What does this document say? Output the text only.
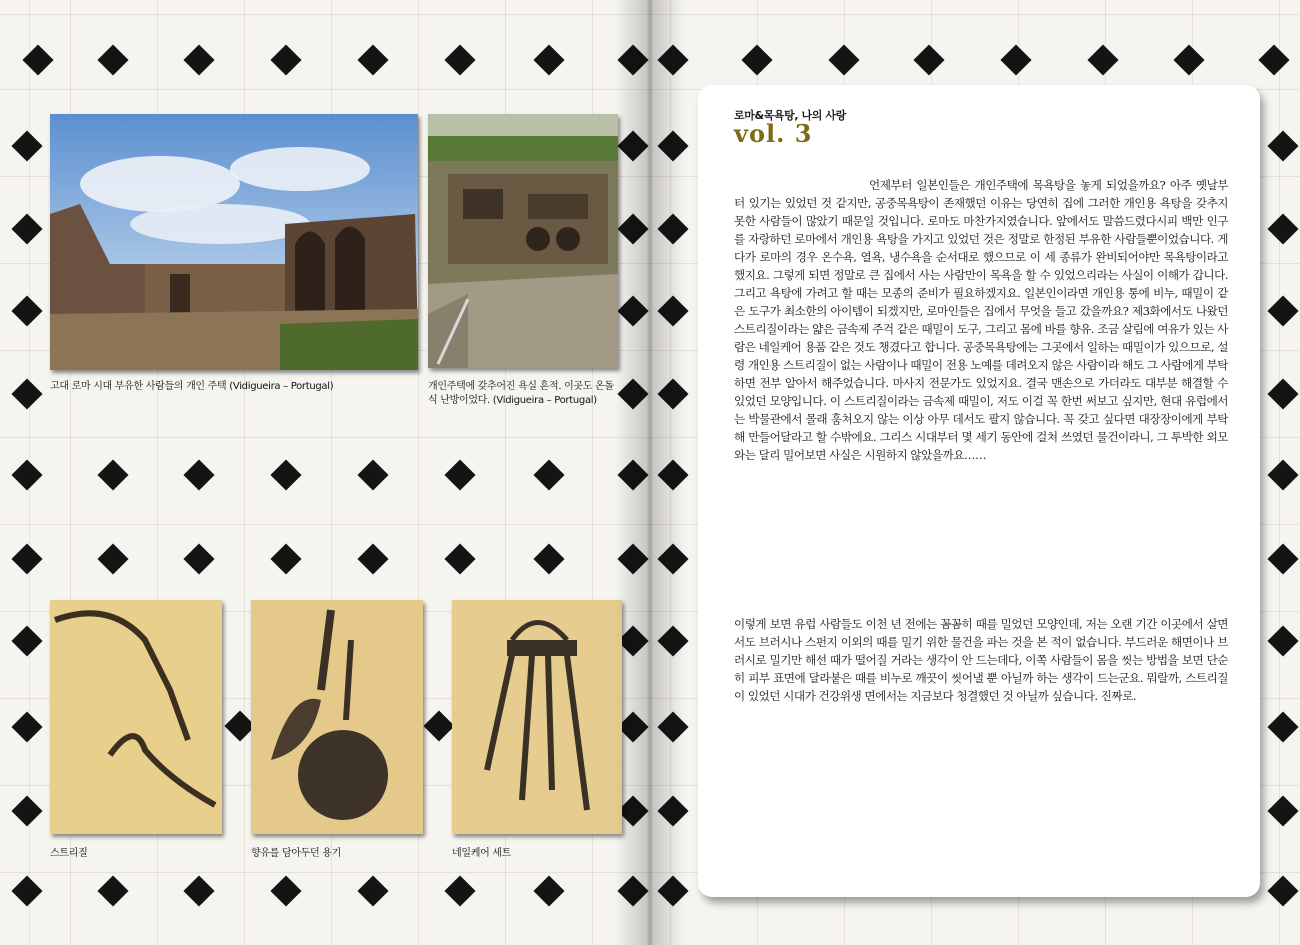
고대 로마 시대 부유한 사람들의 개인 주택 (Vidigueira – Portugal)	개인주택에 갖추어진 욕실 흔적. 이곳도 온돌식 난방이었다. (Vidigueira – Portugal)
스트리질	향유를 담아두던 용기	네일케어 세트
로마&목욕탕, 나의 사랑
vol. 3

언제부터 일본인들은 개인주택에 목욕탕을 놓게 되었을까요? 아주 옛날부터 있기는 있었던 것 같지만, 공중목욕탕이 존재했던 이유는 당연히 집에 그러한 개인용 욕탕을 갖추지 못한 사람들이 많았기 때문일 것입니다. 로마도 마찬가지였습니다. 앞에서도 말씀드렸다시피 백만 인구를 자랑하던 로마에서 개인용 욕탕을 가지고 있었던 것은 정말로 한정된 부유한 사람들뿐이었습니다. 게다가 로마의 경우 온수욕, 열욕, 냉수욕을 순서대로 했으므로 이 세 종류가 완비되어야만 목욕탕이라고 했지요. 그렇게 되면 정말로 큰 집에서 사는 사람만이 목욕을 할 수 있었으리라는 사실이 이해가 갑니다. 그리고 욕탕에 가려고 할 때는 모종의 준비가 필요하겠지요. 일본인이라면 개인용 통에 비누, 때밀이 같은 도구가 최소한의 아이템이 되겠지만, 로마인들은 집에서 무엇을 들고 갔을까요? 제3화에서도 나왔던 스트리질이라는 얇은 금속제 주걱 같은 때밀이 도구, 그리고 몸에 바를 향유. 조금 살림에 여유가 있는 사람은 네일케어 용품 같은 것도 챙겼다고 합니다. 공중목욕탕에는 그곳에서 일하는 때밀이가 있으므로, 설령 개인용 스트리질이 없는 사람이나 때밀이 전용 노예를 데려오지 않은 사람이라 해도 그 사람에게 부탁하면 전부 알아서 해주었습니다. 마사지 전문가도 있었지요. 결국 맨손으로 가더라도 대부분 해결할 수 있었던 모양입니다. 이 스트리질이라는 금속제 때밀이, 저도 이걸 꼭 한번 써보고 싶지만, 현대 유럽에서는 박물관에서 몰래 훔쳐오지 않는 이상 아무 데서도 팔지 않습니다. 꼭 갖고 싶다면 대장장이에게 부탁해 만들어달라고 할 수밖에요. 그리스 시대부터 몇 세기 동안에 걸쳐 쓰였던 물건이라니, 그 투박한 외모와는 달리 밀어보면 사실은 시원하지 않았을까요……

이렇게 보면 유럽 사람들도 이천 년 전에는 꼼꼼히 때를 밀었던 모양인데, 저는 오랜 기간 이곳에서 살면서도 브러시나 스펀지 이외의 때를 밀기 위한 물건을 파는 것을 본 적이 없습니다. 부드러운 해면이나 브러시로 밀기만 해선 때가 떨어질 거라는 생각이 안 드는데다, 이쪽 사람들이 몸을 씻는 방법을 보면 단순히 피부 표면에 달라붙은 때를 비누로 깨끗이 씻어낼 뿐 아닐까 하는 생각이 드는군요. 뭐랄까, 스트리질이 있었던 시대가 건강위생 면에서는 지금보다 청결했던 것 아닐까 싶습니다. 진짜로.
